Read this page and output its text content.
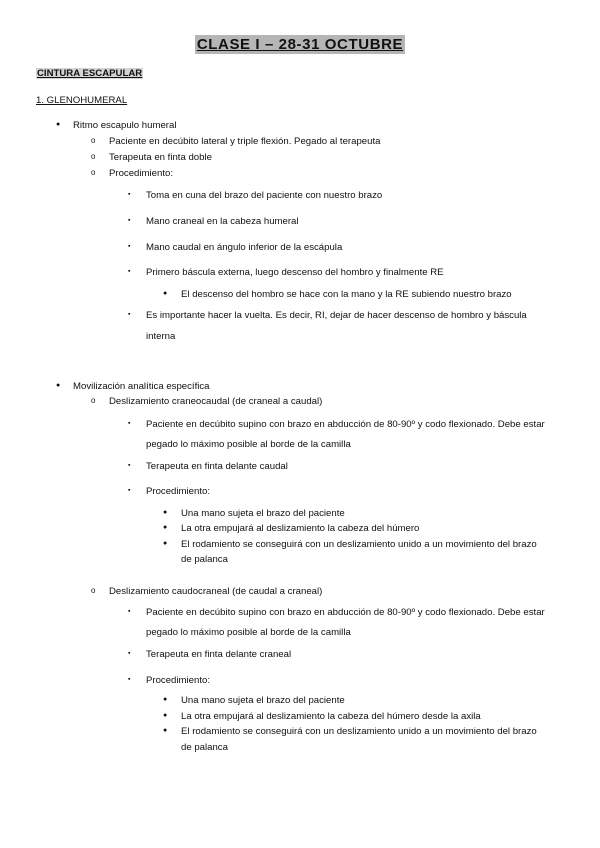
CLASE I – 28-31 OCTUBRE
CINTURA ESCAPULAR
1. GLENOHUMERAL
● Ritmo escapulo humeral
o Paciente en decúbito lateral y triple flexión. Pegado al terapeuta
o Terapeuta en finta doble
o Procedimiento:
▪ Toma en cuna del brazo del paciente con nuestro brazo
▪ Mano craneal en la cabeza humeral
▪ Mano caudal en ángulo inferior de la escápula
▪ Primero báscula externa, luego descenso del hombro y finalmente RE
● El descenso del hombro se hace con la mano y la RE subiendo nuestro brazo
▪ Es importante hacer la vuelta. Es decir, RI, dejar de hacer descenso de hombro y báscula
interna
● Movilización analítica específica
o Deslizamiento craneocaudal (de craneal a caudal)
▪ Paciente en decúbito supino con brazo en abducción de 80-90º y codo flexionado. Debe estar
pegado lo máximo posible al borde de la camilla
▪ Terapeuta en finta delante caudal
▪ Procedimiento:
● Una mano sujeta el brazo del paciente
● La otra empujará al deslizamiento la cabeza del húmero
● El rodamiento se conseguirá con un deslizamiento unido a un movimiento del brazo
de palanca
o Deslizamiento caudocraneal (de caudal a craneal)
▪ Paciente en decúbito supino con brazo en abducción de 80-90º y codo flexionado. Debe estar
pegado lo máximo posible al borde de la camilla
▪ Terapeuta en finta delante craneal
▪ Procedimiento:
● Una mano sujeta el brazo del paciente
● La otra empujará al deslizamiento la cabeza del húmero desde la axila
● El rodamiento se conseguirá con un deslizamiento unido a un movimiento del brazo
de palanca
